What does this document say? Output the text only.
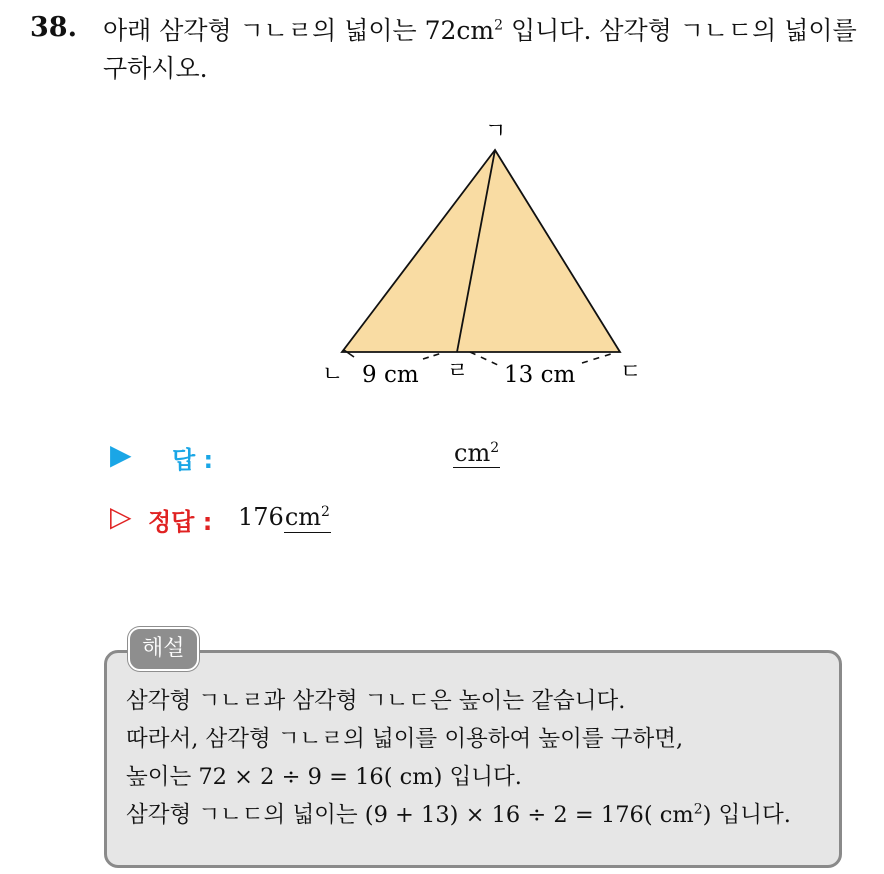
38. 아래 삼각형 ㄱㄴㄹ의 넓이는 $72cm^2$ 입니다. 삼각형 ㄱㄴㄷ의 넓이를
구하시오.
ㄱ
ㄴ	ㄹ	ㄷ
9 cm	13 cm
▶ 답 :	$cm^2$
▷ 정답 : $176cm^2$
해설
삼각형 ㄱㄴㄹ과 삼각형 ㄱㄴㄷ은 높이는 같습니다.
따라서, 삼각형 ㄱㄴㄹ의 넓이를 이용하여 높이를 구하면,
높이는 72 × 2 ÷ 9 = 16( cm) 입니다.
삼각형 ㄱㄴㄷ의 넓이는 (9 + 13) × 16 ÷ 2 = 176( $cm^2$) 입니다.
